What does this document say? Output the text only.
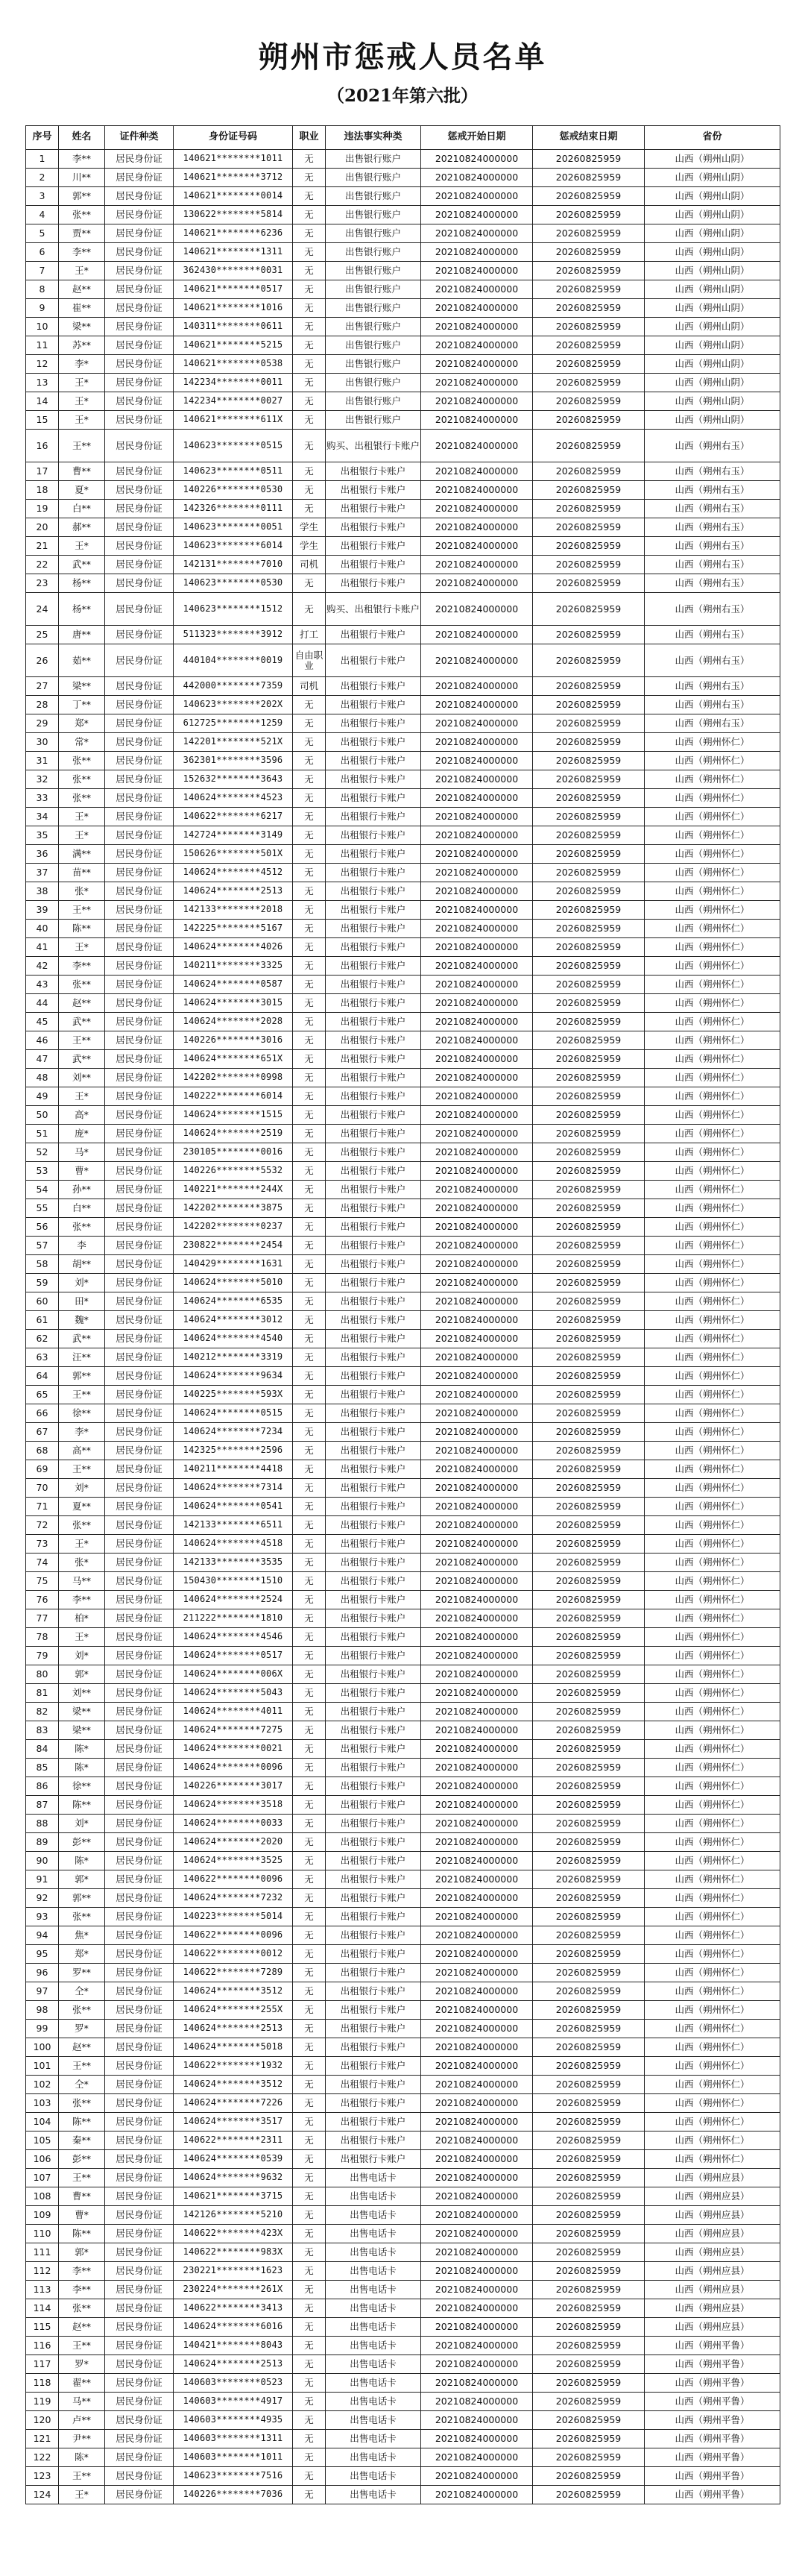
朔州市惩戒人员名单
（2021年第六批）
序号	姓名	证件种类	身份证号码	职业	违法事实种类	惩戒开始日期	惩戒结束日期	省份
1	李**	居民身份证	140621********1011	无	出售银行账户	20210824000000	20260825959	山西（朔州山阴）
2	川**	居民身份证	140621********3712	无	出售银行账户	20210824000000	20260825959	山西（朔州山阴）
3	郭**	居民身份证	140621********0014	无	出售银行账户	20210824000000	20260825959	山西（朔州山阴）
4	张**	居民身份证	130622********5814	无	出售银行账户	20210824000000	20260825959	山西（朔州山阴）
5	贾**	居民身份证	140621********6236	无	出售银行账户	20210824000000	20260825959	山西（朔州山阴）
6	李**	居民身份证	140621********1311	无	出售银行账户	20210824000000	20260825959	山西（朔州山阴）
7	王*	居民身份证	362430********0031	无	出售银行账户	20210824000000	20260825959	山西（朔州山阴）
8	赵**	居民身份证	140621********0517	无	出售银行账户	20210824000000	20260825959	山西（朔州山阴）
9	崔**	居民身份证	140621********1016	无	出售银行账户	20210824000000	20260825959	山西（朔州山阴）
10	梁**	居民身份证	140311********0611	无	出售银行账户	20210824000000	20260825959	山西（朔州山阴）
11	苏**	居民身份证	140621********5215	无	出售银行账户	20210824000000	20260825959	山西（朔州山阴）
12	李*	居民身份证	140621********0538	无	出售银行账户	20210824000000	20260825959	山西（朔州山阴）
13	王*	居民身份证	142234********0011	无	出售银行账户	20210824000000	20260825959	山西（朔州山阴）
14	王*	居民身份证	142234********0027	无	出售银行账户	20210824000000	20260825959	山西（朔州山阴）
15	王*	居民身份证	140621********611X	无	出售银行账户	20210824000000	20260825959	山西（朔州山阴）
16	王**	居民身份证	140623********0515	无	购买、出租银行卡账户	20210824000000	20260825959	山西（朔州右玉）
17	曹**	居民身份证	140623********0511	无	出租银行卡账户	20210824000000	20260825959	山西（朔州右玉）
18	夏*	居民身份证	140226********0530	无	出租银行卡账户	20210824000000	20260825959	山西（朔州右玉）
19	白**	居民身份证	142326********0111	无	出租银行卡账户	20210824000000	20260825959	山西（朔州右玉）
20	郝**	居民身份证	140623********0051	学生	出租银行卡账户	20210824000000	20260825959	山西（朔州右玉）
21	王*	居民身份证	140623********6014	学生	出租银行卡账户	20210824000000	20260825959	山西（朔州右玉）
22	武**	居民身份证	142131********7010	司机	出租银行卡账户	20210824000000	20260825959	山西（朔州右玉）
23	杨**	居民身份证	140623********0530	无	出租银行卡账户	20210824000000	20260825959	山西（朔州右玉）
24	杨**	居民身份证	140623********1512	无	购买、出租银行卡账户	20210824000000	20260825959	山西（朔州右玉）
25	唐**	居民身份证	511323********3912	打工	出租银行卡账户	20210824000000	20260825959	山西（朔州右玉）
26	茹**	居民身份证	440104********0019	自由职业	出租银行卡账户	20210824000000	20260825959	山西（朔州右玉）
27	梁**	居民身份证	442000********7359	司机	出租银行卡账户	20210824000000	20260825959	山西（朔州右玉）
28	丁**	居民身份证	140623********202X	无	出租银行卡账户	20210824000000	20260825959	山西（朔州右玉）
29	郑*	居民身份证	612725********1259	无	出租银行卡账户	20210824000000	20260825959	山西（朔州右玉）
30	常*	居民身份证	142201********521X	无	出租银行卡账户	20210824000000	20260825959	山西（朔州怀仁）
31	张**	居民身份证	362301********3596	无	出租银行卡账户	20210824000000	20260825959	山西（朔州怀仁）
32	张**	居民身份证	152632********3643	无	出租银行卡账户	20210824000000	20260825959	山西（朔州怀仁）
33	张**	居民身份证	140624********4523	无	出租银行卡账户	20210824000000	20260825959	山西（朔州怀仁）
34	王*	居民身份证	140622********6217	无	出租银行卡账户	20210824000000	20260825959	山西（朔州怀仁）
35	王*	居民身份证	142724********3149	无	出租银行卡账户	20210824000000	20260825959	山西（朔州怀仁）
36	满**	居民身份证	150626********501X	无	出租银行卡账户	20210824000000	20260825959	山西（朔州怀仁）
37	苗**	居民身份证	140624********4512	无	出租银行卡账户	20210824000000	20260825959	山西（朔州怀仁）
38	张*	居民身份证	140624********2513	无	出租银行卡账户	20210824000000	20260825959	山西（朔州怀仁）
39	王**	居民身份证	142133********2018	无	出租银行卡账户	20210824000000	20260825959	山西（朔州怀仁）
40	陈**	居民身份证	142225********5167	无	出租银行卡账户	20210824000000	20260825959	山西（朔州怀仁）
41	王*	居民身份证	140624********4026	无	出租银行卡账户	20210824000000	20260825959	山西（朔州怀仁）
42	李**	居民身份证	140211********3325	无	出租银行卡账户	20210824000000	20260825959	山西（朔州怀仁）
43	张**	居民身份证	140624********0587	无	出租银行卡账户	20210824000000	20260825959	山西（朔州怀仁）
44	赵**	居民身份证	140624********3015	无	出租银行卡账户	20210824000000	20260825959	山西（朔州怀仁）
45	武**	居民身份证	140624********2028	无	出租银行卡账户	20210824000000	20260825959	山西（朔州怀仁）
46	王**	居民身份证	140226********3016	无	出租银行卡账户	20210824000000	20260825959	山西（朔州怀仁）
47	武**	居民身份证	140624********651X	无	出租银行卡账户	20210824000000	20260825959	山西（朔州怀仁）
48	刘**	居民身份证	142202********0998	无	出租银行卡账户	20210824000000	20260825959	山西（朔州怀仁）
49	王*	居民身份证	140222********6014	无	出租银行卡账户	20210824000000	20260825959	山西（朔州怀仁）
50	高*	居民身份证	140624********1515	无	出租银行卡账户	20210824000000	20260825959	山西（朔州怀仁）
51	庞*	居民身份证	140624********2519	无	出租银行卡账户	20210824000000	20260825959	山西（朔州怀仁）
52	马*	居民身份证	230105********0016	无	出租银行卡账户	20210824000000	20260825959	山西（朔州怀仁）
53	曹*	居民身份证	140226********5532	无	出租银行卡账户	20210824000000	20260825959	山西（朔州怀仁）
54	孙**	居民身份证	140221********244X	无	出租银行卡账户	20210824000000	20260825959	山西（朔州怀仁）
55	白**	居民身份证	142202********3875	无	出租银行卡账户	20210824000000	20260825959	山西（朔州怀仁）
56	张**	居民身份证	142202********0237	无	出租银行卡账户	20210824000000	20260825959	山西（朔州怀仁）
57	李	居民身份证	230822********2454	无	出租银行卡账户	20210824000000	20260825959	山西（朔州怀仁）
58	胡**	居民身份证	140429********1631	无	出租银行卡账户	20210824000000	20260825959	山西（朔州怀仁）
59	刘*	居民身份证	140624********5010	无	出租银行卡账户	20210824000000	20260825959	山西（朔州怀仁）
60	田*	居民身份证	140624********6535	无	出租银行卡账户	20210824000000	20260825959	山西（朔州怀仁）
61	魏*	居民身份证	140624********3012	无	出租银行卡账户	20210824000000	20260825959	山西（朔州怀仁）
62	武**	居民身份证	140624********4540	无	出租银行卡账户	20210824000000	20260825959	山西（朔州怀仁）
63	汪**	居民身份证	140212********3319	无	出租银行卡账户	20210824000000	20260825959	山西（朔州怀仁）
64	郭**	居民身份证	140624********9634	无	出租银行卡账户	20210824000000	20260825959	山西（朔州怀仁）
65	王**	居民身份证	140225********593X	无	出租银行卡账户	20210824000000	20260825959	山西（朔州怀仁）
66	徐**	居民身份证	140624********0515	无	出租银行卡账户	20210824000000	20260825959	山西（朔州怀仁）
67	李*	居民身份证	140624********7234	无	出租银行卡账户	20210824000000	20260825959	山西（朔州怀仁）
68	高**	居民身份证	142325********2596	无	出租银行卡账户	20210824000000	20260825959	山西（朔州怀仁）
69	王**	居民身份证	140211********4418	无	出租银行卡账户	20210824000000	20260825959	山西（朔州怀仁）
70	刘*	居民身份证	140624********7314	无	出租银行卡账户	20210824000000	20260825959	山西（朔州怀仁）
71	夏**	居民身份证	140624********0541	无	出租银行卡账户	20210824000000	20260825959	山西（朔州怀仁）
72	张**	居民身份证	142133********6511	无	出租银行卡账户	20210824000000	20260825959	山西（朔州怀仁）
73	王*	居民身份证	140624********4518	无	出租银行卡账户	20210824000000	20260825959	山西（朔州怀仁）
74	张*	居民身份证	142133********3535	无	出租银行卡账户	20210824000000	20260825959	山西（朔州怀仁）
75	马**	居民身份证	150430********1510	无	出租银行卡账户	20210824000000	20260825959	山西（朔州怀仁）
76	李**	居民身份证	140624********2524	无	出租银行卡账户	20210824000000	20260825959	山西（朔州怀仁）
77	柏*	居民身份证	211222********1810	无	出租银行卡账户	20210824000000	20260825959	山西（朔州怀仁）
78	王*	居民身份证	140624********4546	无	出租银行卡账户	20210824000000	20260825959	山西（朔州怀仁）
79	刘*	居民身份证	140624********0517	无	出租银行卡账户	20210824000000	20260825959	山西（朔州怀仁）
80	郭*	居民身份证	140624********006X	无	出租银行卡账户	20210824000000	20260825959	山西（朔州怀仁）
81	刘**	居民身份证	140624********5043	无	出租银行卡账户	20210824000000	20260825959	山西（朔州怀仁）
82	梁**	居民身份证	140624********4011	无	出租银行卡账户	20210824000000	20260825959	山西（朔州怀仁）
83	梁**	居民身份证	140624********7275	无	出租银行卡账户	20210824000000	20260825959	山西（朔州怀仁）
84	陈*	居民身份证	140624********0021	无	出租银行卡账户	20210824000000	20260825959	山西（朔州怀仁）
85	陈*	居民身份证	140624********0096	无	出租银行卡账户	20210824000000	20260825959	山西（朔州怀仁）
86	徐**	居民身份证	140226********3017	无	出租银行卡账户	20210824000000	20260825959	山西（朔州怀仁）
87	陈**	居民身份证	140624********3518	无	出租银行卡账户	20210824000000	20260825959	山西（朔州怀仁）
88	刘*	居民身份证	140624********0033	无	出租银行卡账户	20210824000000	20260825959	山西（朔州怀仁）
89	彭**	居民身份证	140624********2020	无	出租银行卡账户	20210824000000	20260825959	山西（朔州怀仁）
90	陈*	居民身份证	140624********3525	无	出租银行卡账户	20210824000000	20260825959	山西（朔州怀仁）
91	郭*	居民身份证	140622********0096	无	出租银行卡账户	20210824000000	20260825959	山西（朔州怀仁）
92	郭**	居民身份证	140624********7232	无	出租银行卡账户	20210824000000	20260825959	山西（朔州怀仁）
93	张**	居民身份证	140223********5014	无	出租银行卡账户	20210824000000	20260825959	山西（朔州怀仁）
94	焦*	居民身份证	140622********0096	无	出租银行卡账户	20210824000000	20260825959	山西（朔州怀仁）
95	郑*	居民身份证	140622********0012	无	出租银行卡账户	20210824000000	20260825959	山西（朔州怀仁）
96	罗**	居民身份证	140622********7289	无	出租银行卡账户	20210824000000	20260825959	山西（朔州怀仁）
97	仝*	居民身份证	140624********3512	无	出租银行卡账户	20210824000000	20260825959	山西（朔州怀仁）
98	张**	居民身份证	140624********255X	无	出租银行卡账户	20210824000000	20260825959	山西（朔州怀仁）
99	罗*	居民身份证	140624********2513	无	出租银行卡账户	20210824000000	20260825959	山西（朔州怀仁）
100	赵**	居民身份证	140624********5018	无	出租银行卡账户	20210824000000	20260825959	山西（朔州怀仁）
101	王**	居民身份证	140622********1932	无	出租银行卡账户	20210824000000	20260825959	山西（朔州怀仁）
102	仝*	居民身份证	140624********3512	无	出租银行卡账户	20210824000000	20260825959	山西（朔州怀仁）
103	张**	居民身份证	140624********7226	无	出租银行卡账户	20210824000000	20260825959	山西（朔州怀仁）
104	陈**	居民身份证	140624********3517	无	出租银行卡账户	20210824000000	20260825959	山西（朔州怀仁）
105	秦**	居民身份证	140622********2311	无	出租银行卡账户	20210824000000	20260825959	山西（朔州怀仁）
106	彭**	居民身份证	140624********0539	无	出租银行卡账户	20210824000000	20260825959	山西（朔州怀仁）
107	王**	居民身份证	140624********9632	无	出售电话卡	20210824000000	20260825959	山西（朔州应县）
108	曹**	居民身份证	140621********3715	无	出售电话卡	20210824000000	20260825959	山西（朔州应县）
109	曹*	居民身份证	142126********5210	无	出售电话卡	20210824000000	20260825959	山西（朔州应县）
110	陈**	居民身份证	140622********423X	无	出售电话卡	20210824000000	20260825959	山西（朔州应县）
111	郭*	居民身份证	140622********983X	无	出售电话卡	20210824000000	20260825959	山西（朔州应县）
112	李**	居民身份证	230221********1623	无	出售电话卡	20210824000000	20260825959	山西（朔州应县）
113	李**	居民身份证	230224********261X	无	出售电话卡	20210824000000	20260825959	山西（朔州应县）
114	张**	居民身份证	140622********3413	无	出售电话卡	20210824000000	20260825959	山西（朔州应县）
115	赵**	居民身份证	140624********6016	无	出售电话卡	20210824000000	20260825959	山西（朔州应县）
116	王**	居民身份证	140421********8043	无	出售电话卡	20210824000000	20260825959	山西（朔州平鲁）
117	罗*	居民身份证	140624********2513	无	出售电话卡	20210824000000	20260825959	山西（朔州平鲁）
118	翟**	居民身份证	140603********0523	无	出售电话卡	20210824000000	20260825959	山西（朔州平鲁）
119	马**	居民身份证	140603********4917	无	出售电话卡	20210824000000	20260825959	山西（朔州平鲁）
120	卢**	居民身份证	140603********4935	无	出售电话卡	20210824000000	20260825959	山西（朔州平鲁）
121	尹**	居民身份证	140603********1311	无	出售电话卡	20210824000000	20260825959	山西（朔州平鲁）
122	陈*	居民身份证	140603********1011	无	出售电话卡	20210824000000	20260825959	山西（朔州平鲁）
123	王**	居民身份证	140623********7516	无	出售电话卡	20210824000000	20260825959	山西（朔州平鲁）
124	王*	居民身份证	140226********7036	无	出售电话卡	20210824000000	20260825959	山西（朔州平鲁）
